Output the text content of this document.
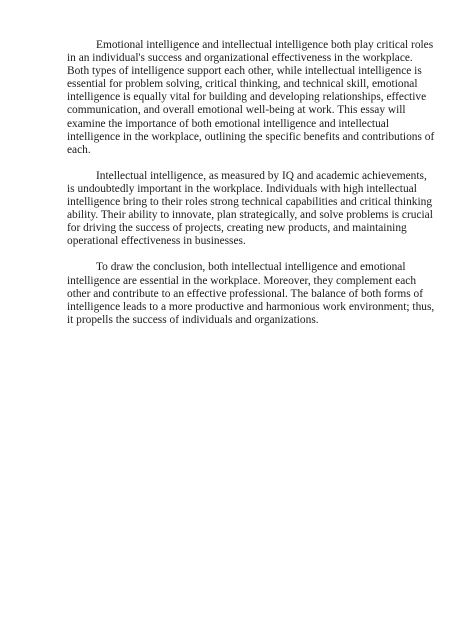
Emotional intelligence and intellectual intelligence both play critical roles
in an individual's success and organizational effectiveness in the workplace.
Both types of intelligence support each other, while intellectual intelligence is
essential for problem solving, critical thinking, and technical skill, emotional
intelligence is equally vital for building and developing relationships, effective
communication, and overall emotional well-being at work. This essay will
examine the importance of both emotional intelligence and intellectual
intelligence in the workplace, outlining the specific benefits and contributions of
each.
Intellectual intelligence, as measured by IQ and academic achievements,
is undoubtedly important in the workplace. Individuals with high intellectual
intelligence bring to their roles strong technical capabilities and critical thinking
ability. Their ability to innovate, plan strategically, and solve problems is crucial
for driving the success of projects, creating new products, and maintaining
operational effectiveness in businesses.
To draw the conclusion, both intellectual intelligence and emotional
intelligence are essential in the workplace. Moreover, they complement each
other and contribute to an effective professional. The balance of both forms of
intelligence leads to a more productive and harmonious work environment; thus,
it propells the success of individuals and organizations.
